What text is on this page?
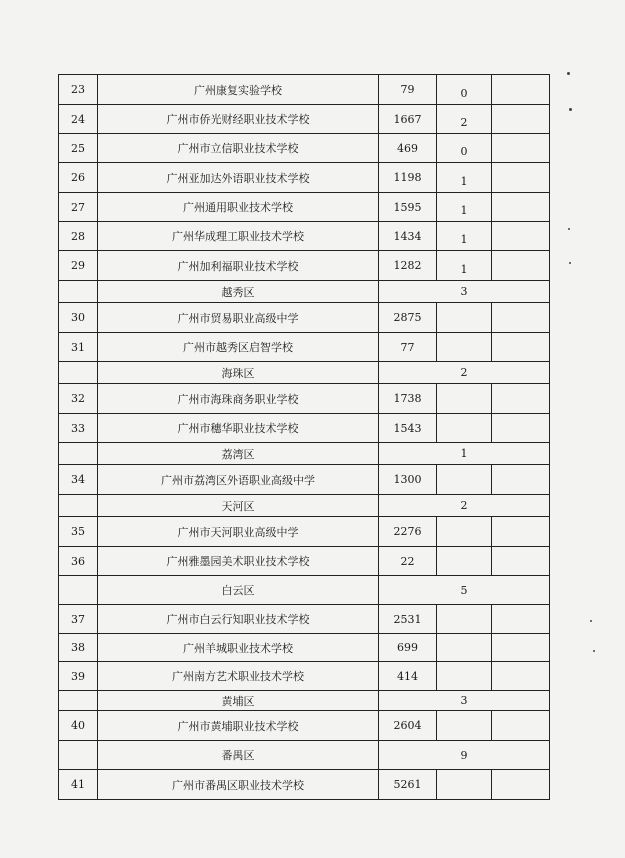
23	广州康复实验学校	79	0	
24	广州市侨光财经职业技术学校	1667	2	
25	广州市立信职业技术学校	469	0	
26	广州亚加达外语职业技术学校	1198	1	
27	广州通用职业技术学校	1595	1	
28	广州华成理工职业技术学校	1434	1	
29	广州加利福职业技术学校	1282	1	
	越秀区	3		
30	广州市贸易职业高级中学	2875		
31	广州市越秀区启智学校	77		
	海珠区	2		
32	广州市海珠商务职业学校	1738		
33	广州市穗华职业技术学校	1543		
	荔湾区	1		
34	广州市荔湾区外语职业高级中学	1300		
	天河区	2		
35	广州市天河职业高级中学	2276		
36	广州雅墨园美术职业技术学校	22		
	白云区	5		
37	广州市白云行知职业技术学校	2531		
38	广州羊城职业技术学校	699		
39	广州南方艺术职业技术学校	414		
	黄埔区	3		
40	广州市黄埔职业技术学校	2604		
	番禺区	9		
41	广州市番禺区职业技术学校	5261		
